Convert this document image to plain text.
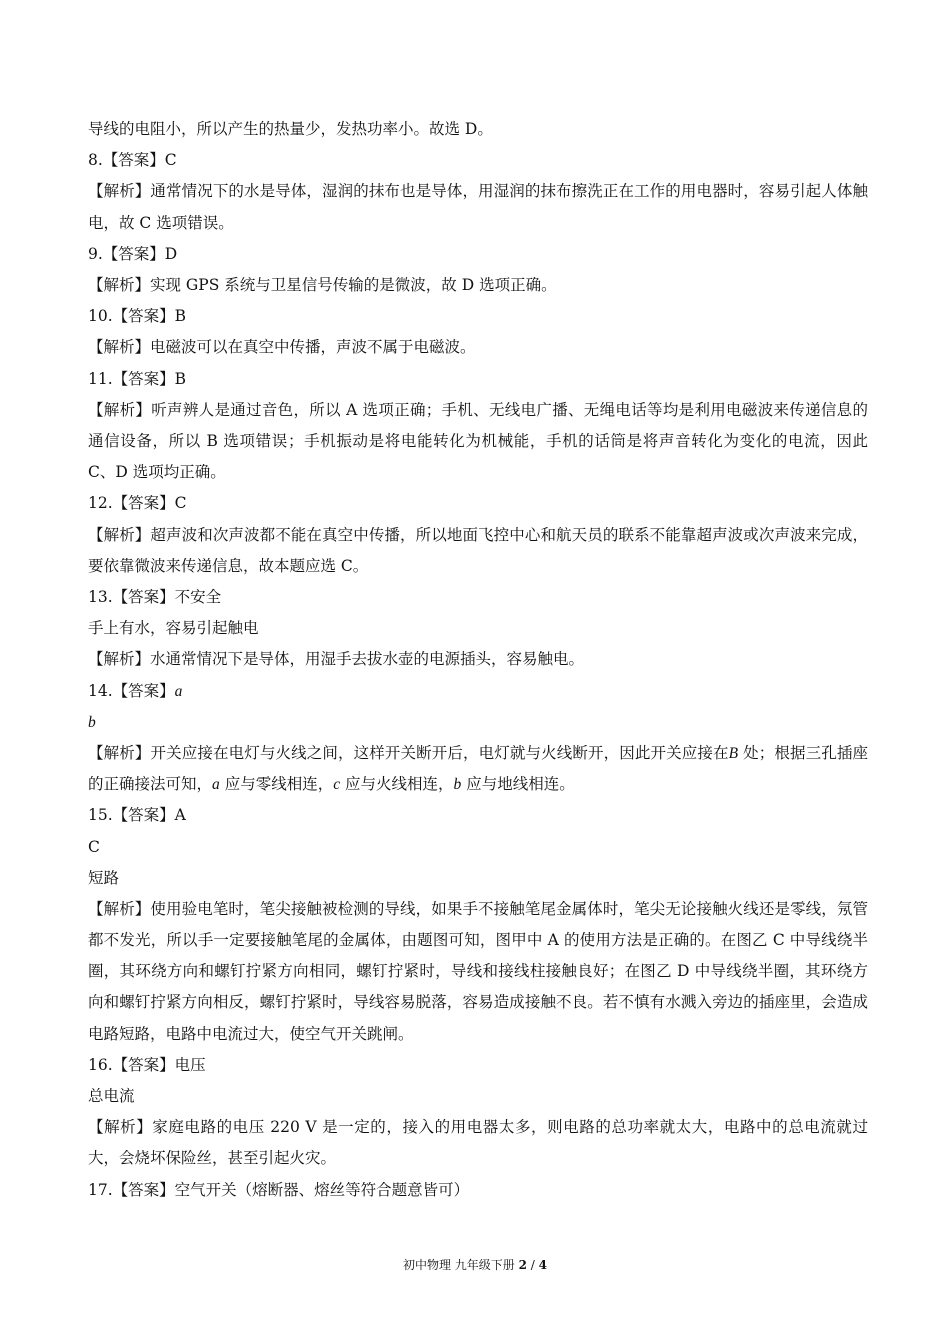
导线的电阻小，所以产生的热量少，发热功率小。故选 D。
8.【答案】C
【解析】通常情况下的水是导体，湿润的抹布也是导体，用湿润的抹布擦洗正在工作的用电器时，容易引起人体触电，故 C 选项错误。
9.【答案】D
【解析】实现 GPS 系统与卫星信号传输的是微波，故 D 选项正确。
10.【答案】B
【解析】电磁波可以在真空中传播，声波不属于电磁波。
11.【答案】B
【解析】听声辨人是通过音色，所以 A 选项正确；手机、无线电广播、无绳电话等均是利用电磁波来传递信息的通信设备，所以 B 选项错误；手机振动是将电能转化为机械能，手机的话筒是将声音转化为变化的电流，因此 C、D 选项均正确。
12.【答案】C
【解析】超声波和次声波都不能在真空中传播，所以地面飞控中心和航天员的联系不能靠超声波或次声波来完成，要依靠微波来传递信息，故本题应选 C。
13.【答案】不安全
手上有水，容易引起触电
【解析】水通常情况下是导体，用湿手去拔水壶的电源插头，容易触电。
14.【答案】a
b
【解析】开关应接在电灯与火线之间，这样开关断开后，电灯就与火线断开，因此开关应接在B 处；根据三孔插座的正确接法可知，a 应与零线相连，c 应与火线相连，b 应与地线相连。
15.【答案】A
C
短路
【解析】使用验电笔时，笔尖接触被检测的导线，如果手不接触笔尾金属体时，笔尖无论接触火线还是零线，氖管都不发光，所以手一定要接触笔尾的金属体，由题图可知，图甲中 A 的使用方法是正确的。在图乙 C 中导线绕半圈，其环绕方向和螺钉拧紧方向相同，螺钉拧紧时，导线和接线柱接触良好；在图乙 D 中导线绕半圈，其环绕方向和螺钉拧紧方向相反，螺钉拧紧时，导线容易脱落，容易造成接触不良。若不慎有水溅入旁边的插座里，会造成电路短路，电路中电流过大，使空气开关跳闸。
16.【答案】电压
总电流
【解析】家庭电路的电压 220 V 是一定的，接入的用电器太多，则电路的总功率就太大，电路中的总电流就过大，会烧坏保险丝，甚至引起火灾。
17.【答案】空气开关（熔断器、熔丝等符合题意皆可）
初中物理 九年级下册 2 / 4
